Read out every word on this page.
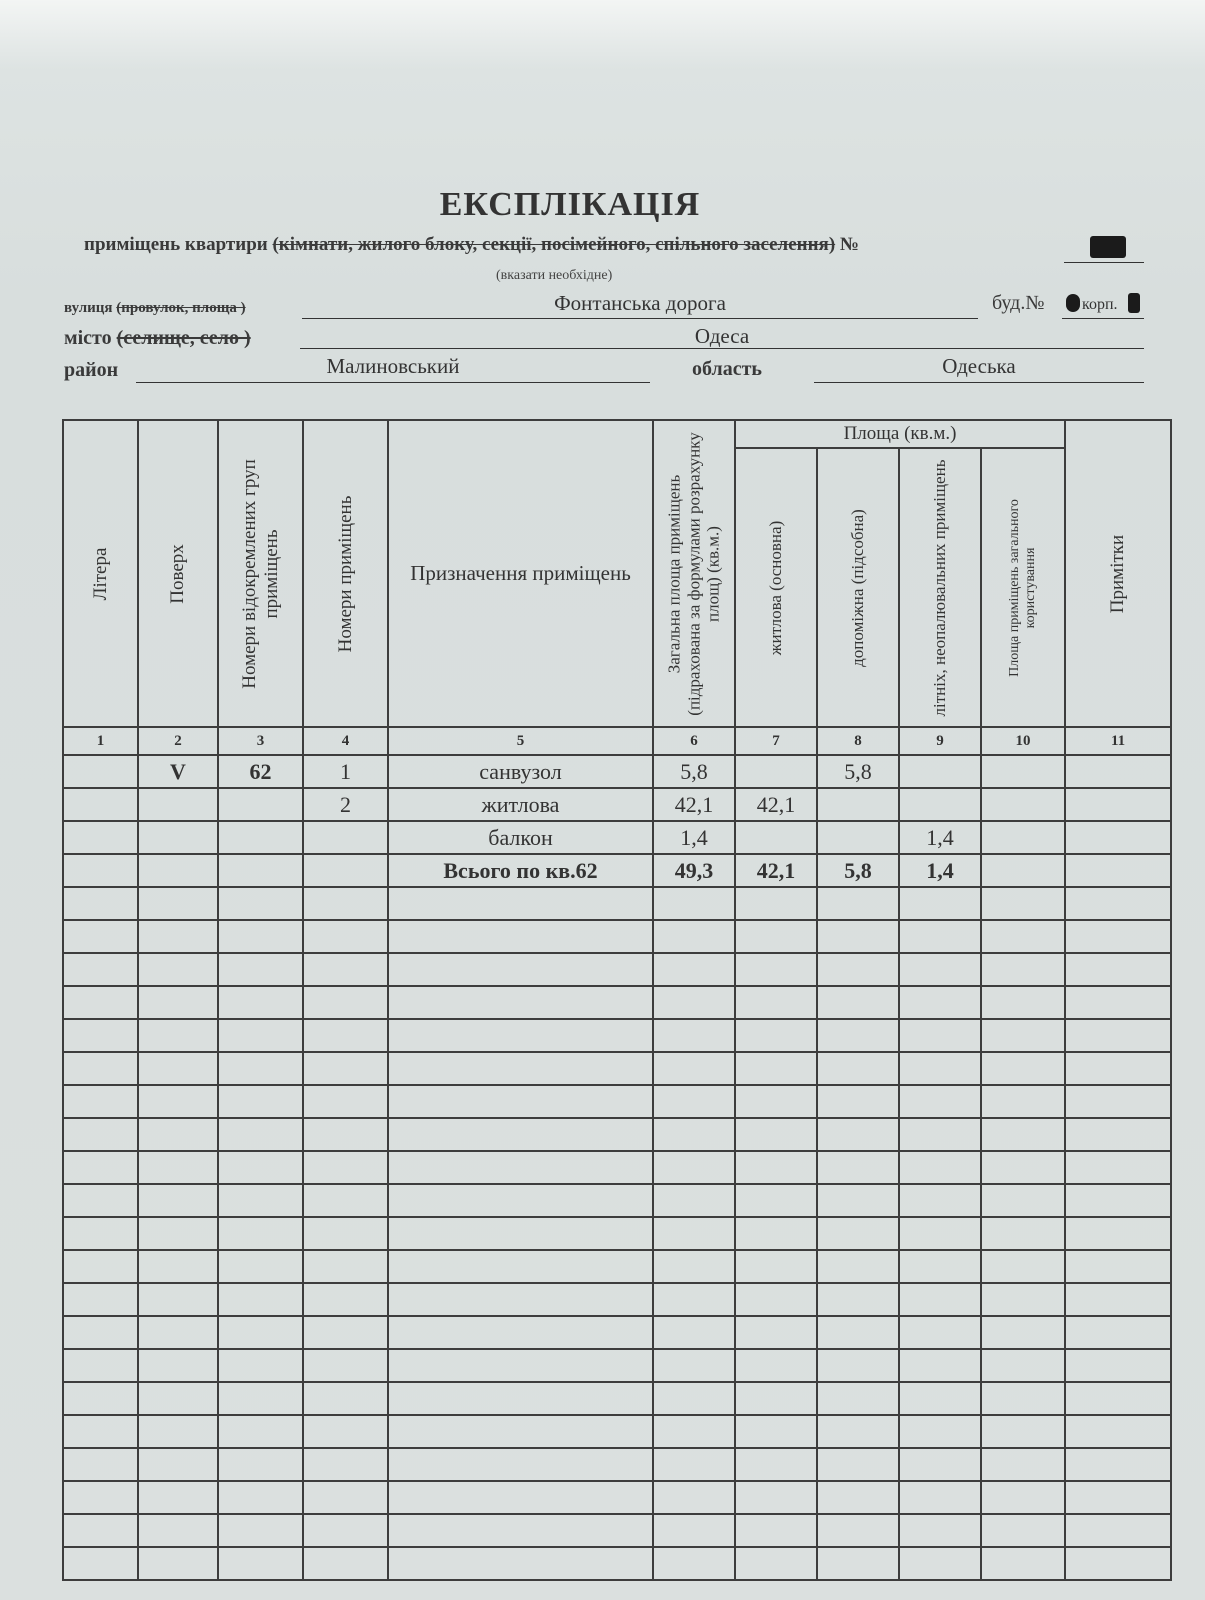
ЕКСПЛІКАЦІЯ
приміщень квартири (кімнати, жилого блоку, секції, посімейного, спільного заселення) №
(вказати необхідне)
вулиця (провулок, площа )	Фонтанська дорога	буд.№ корп.
місто (селище, село )	Одеса
район	Малиновський	область	Одеська
Літера	Поверх	Номери відокремлених груп приміщень	Номери приміщень	Призначення приміщень	Загальна площа приміщень (підрахована за формулами розрахунку площ) (кв.м.)	Площа (кв.м.)				Примітки

						житлова (основна)	допоміжна (підсобна)	літніх, неопалювальних приміщень	Площа приміщень загального користування	

1	2	3	4	5	6	7	8	9	10	11
	V	62	1	санвузол	5,8		5,8			
			2	житлова	42,1	42,1				
				балкон	1,4			1,4		
				Всього по кв.62	49,3	42,1	5,8	1,4		
